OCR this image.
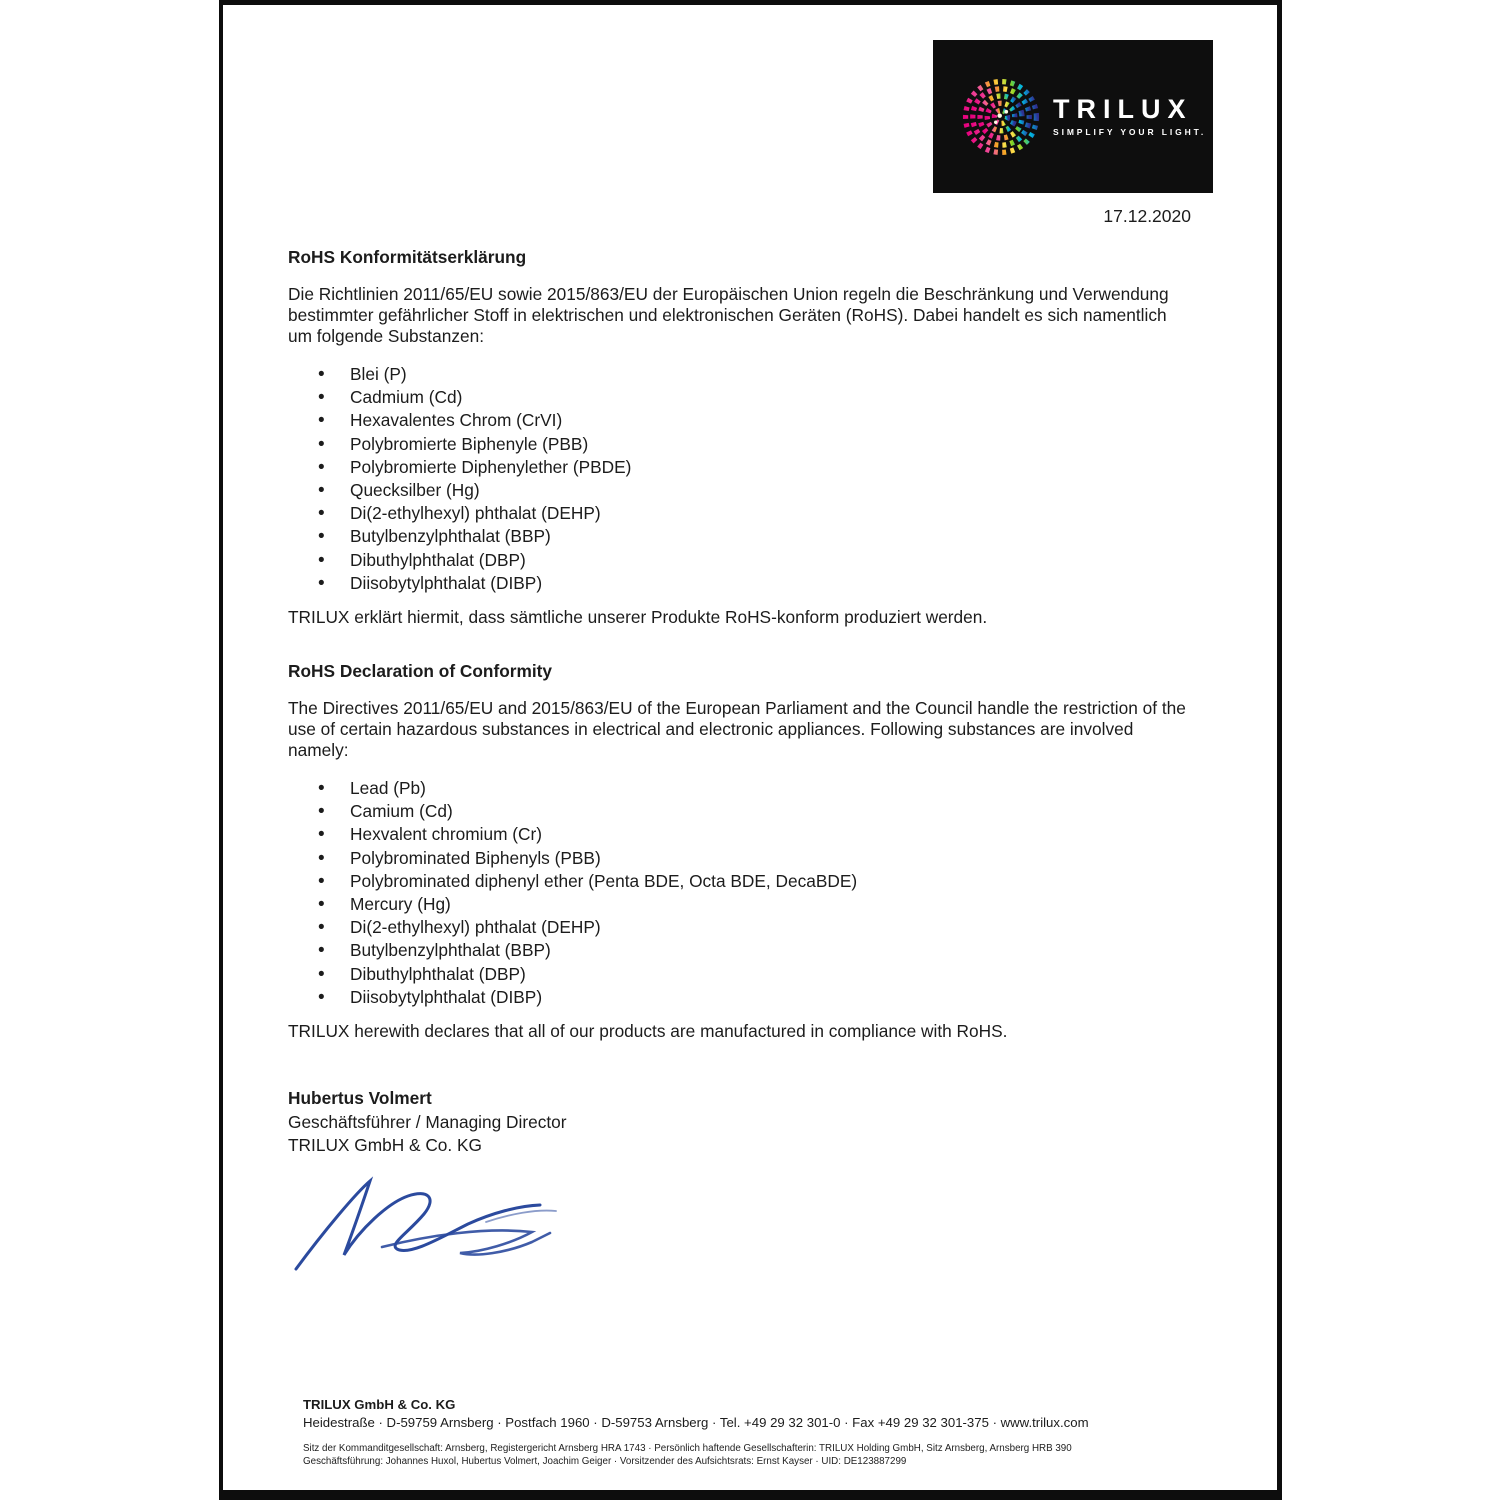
TRILUX
SIMPLIFY YOUR LIGHT.
17.12.2020
RoHS Konformitätserklärung

Die Richtlinien 2011/65/EU sowie 2015/863/EU der Europäischen Union regeln die Beschränkung und Verwendung bestimmter gefährlicher Stoff in elektrischen und elektronischen Geräten (RoHS). Dabei handelt es sich namentlich um folgende Substanzen:

• Blei (P)
• Cadmium (Cd)
• Hexavalentes Chrom (CrVI)
• Polybromierte Biphenyle (PBB)
• Polybromierte Diphenylether (PBDE)
• Quecksilber (Hg)
• Di(2-ethylhexyl) phthalat (DEHP)
• Butylbenzylphthalat (BBP)
• Dibuthylphthalat (DBP)
• Diisobytylphthalat (DIBP)

TRILUX erklärt hiermit, dass sämtliche unserer Produkte RoHS-konform produziert werden.

RoHS Declaration of Conformity

The Directives 2011/65/EU and 2015/863/EU of the European Parliament and the Council handle the restriction of the use of certain hazardous substances in electrical and electronic appliances. Following substances are involved namely:

• Lead (Pb)
• Camium (Cd)
• Hexvalent chromium (Cr)
• Polybrominated Biphenyls (PBB)
• Polybrominated diphenyl ether (Penta BDE, Octa BDE, DecaBDE)
• Mercury (Hg)
• Di(2-ethylhexyl) phthalat (DEHP)
• Butylbenzylphthalat (BBP)
• Dibuthylphthalat (DBP)
• Diisobytylphthalat (DIBP)

TRILUX herewith declares that all of our products are manufactured in compliance with RoHS.

Hubertus Volmert
Geschäftsführer / Managing Director
TRILUX GmbH & Co. KG
TRILUX GmbH & Co. KG
Heidestraße · D-59759 Arnsberg · Postfach 1960 · D-59753 Arnsberg · Tel. +49 29 32 301-0 · Fax +49 29 32 301-375 · www.trilux.com
Sitz der Kommanditgesellschaft: Arnsberg, Registergericht Arnsberg HRA 1743 · Persönlich haftende Gesellschafterin: TRILUX Holding GmbH, Sitz Arnsberg, Arnsberg HRB 390
Geschäftsführung: Johannes Huxol, Hubertus Volmert, Joachim Geiger · Vorsitzender des Aufsichtsrats: Ernst Kayser · UID: DE123887299
